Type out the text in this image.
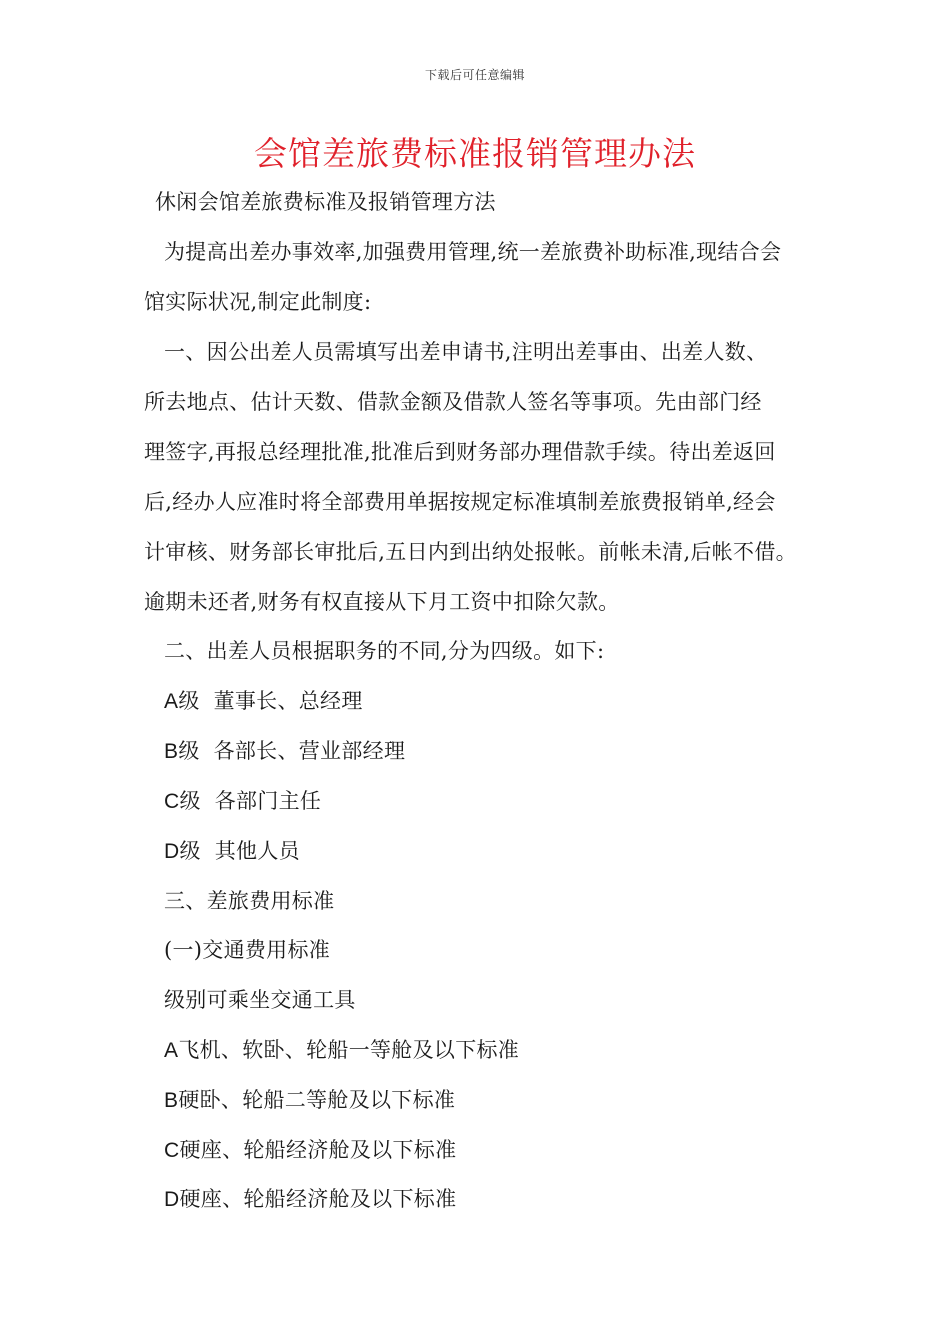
下载后可任意编辑
会馆差旅费标准报销管理办法
休闲会馆差旅费标准及报销管理方法
为提高出差办事效率,加强费用管理,统一差旅费补助标准,现结合会
馆实际状况,制定此制度:
一、因公出差人员需填写出差申请书,注明出差事由、出差人数、
所去地点、估计天数、借款金额及借款人签名等事项。先由部门经
理签字,再报总经理批准,批准后到财务部办理借款手续。待出差返回
后,经办人应准时将全部费用单据按规定标准填制差旅费报销单,经会
计审核、财务部长审批后,五日内到出纳处报帐。前帐未清,后帐不借。
逾期未还者,财务有权直接从下月工资中扣除欠款。
二、出差人员根据职务的不同,分为四级。如下:
A级  董事长、总经理
B级  各部长、营业部经理
C级  各部门主任
D级  其他人员
三、差旅费用标准
(一)交通费用标准
级别可乘坐交通工具
A飞机、软卧、轮船一等舱及以下标准
B硬卧、轮船二等舱及以下标准
C硬座、轮船经济舱及以下标准
D硬座、轮船经济舱及以下标准
